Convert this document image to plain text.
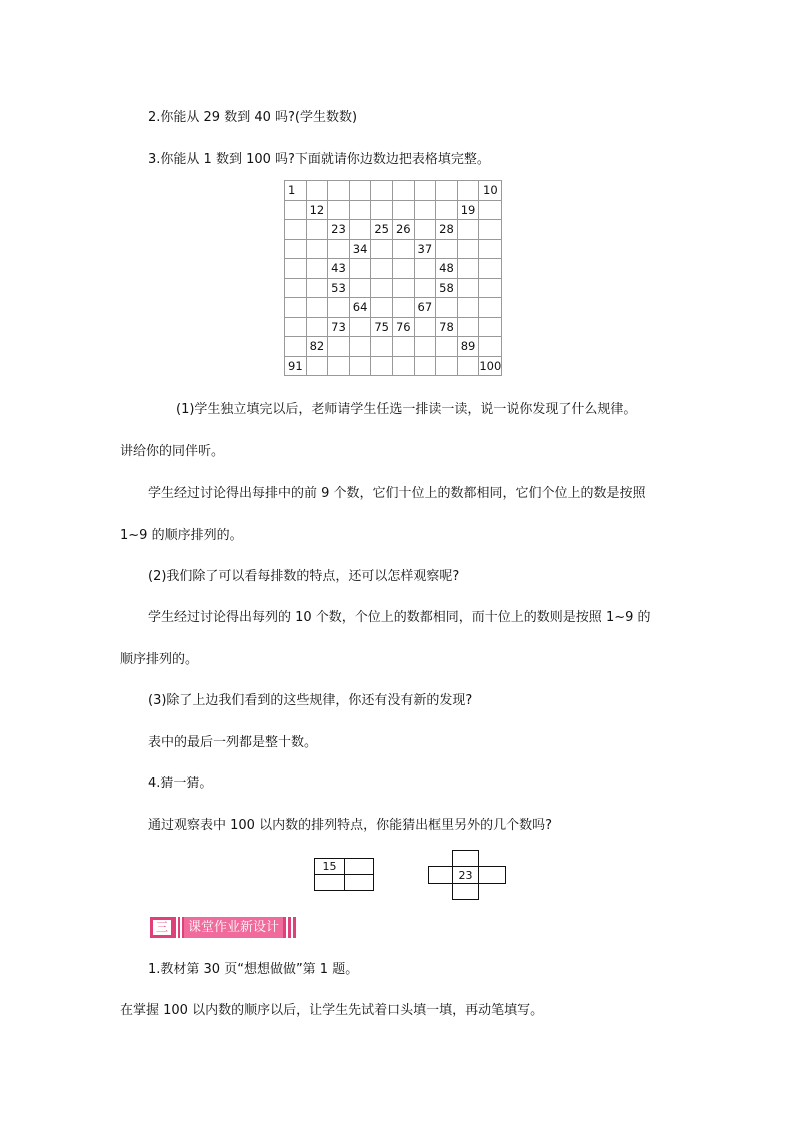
2.你能从 29 数到 40 吗?(学生数数)
3.你能从 1 数到 100 吗?下面就请你边数边把表格填完整。
1									10
	12							19	
		23		25	26		28		
			34			37			
		43					48		
		53					58		
			64			67			
		73		75	76		78		
	82							89	
91									100
(1)学生独立填完以后，老师请学生任选一排读一读，说一说你发现了什么规律。
讲给你的同伴听。
学生经过讨论得出每排中的前 9 个数，它们十位上的数都相同，它们个位上的数是按照
1~9 的顺序排列的。
(2)我们除了可以看每排数的特点，还可以怎样观察呢?
学生经过讨论得出每列的 10 个数，个位上的数都相同，而十位上的数则是按照 1~9 的
顺序排列的。
(3)除了上边我们看到的这些规律，你还有没有新的发现?
表中的最后一列都是整十数。
4.猜一猜。
通过观察表中 100 以内数的排列特点，你能猜出框里另外的几个数吗?
15
23
三	课堂作业新设计
1.教材第 30 页“想想做做”第 1 题。
在掌握 100 以内数的顺序以后，让学生先试着口头填一填，再动笔填写。
